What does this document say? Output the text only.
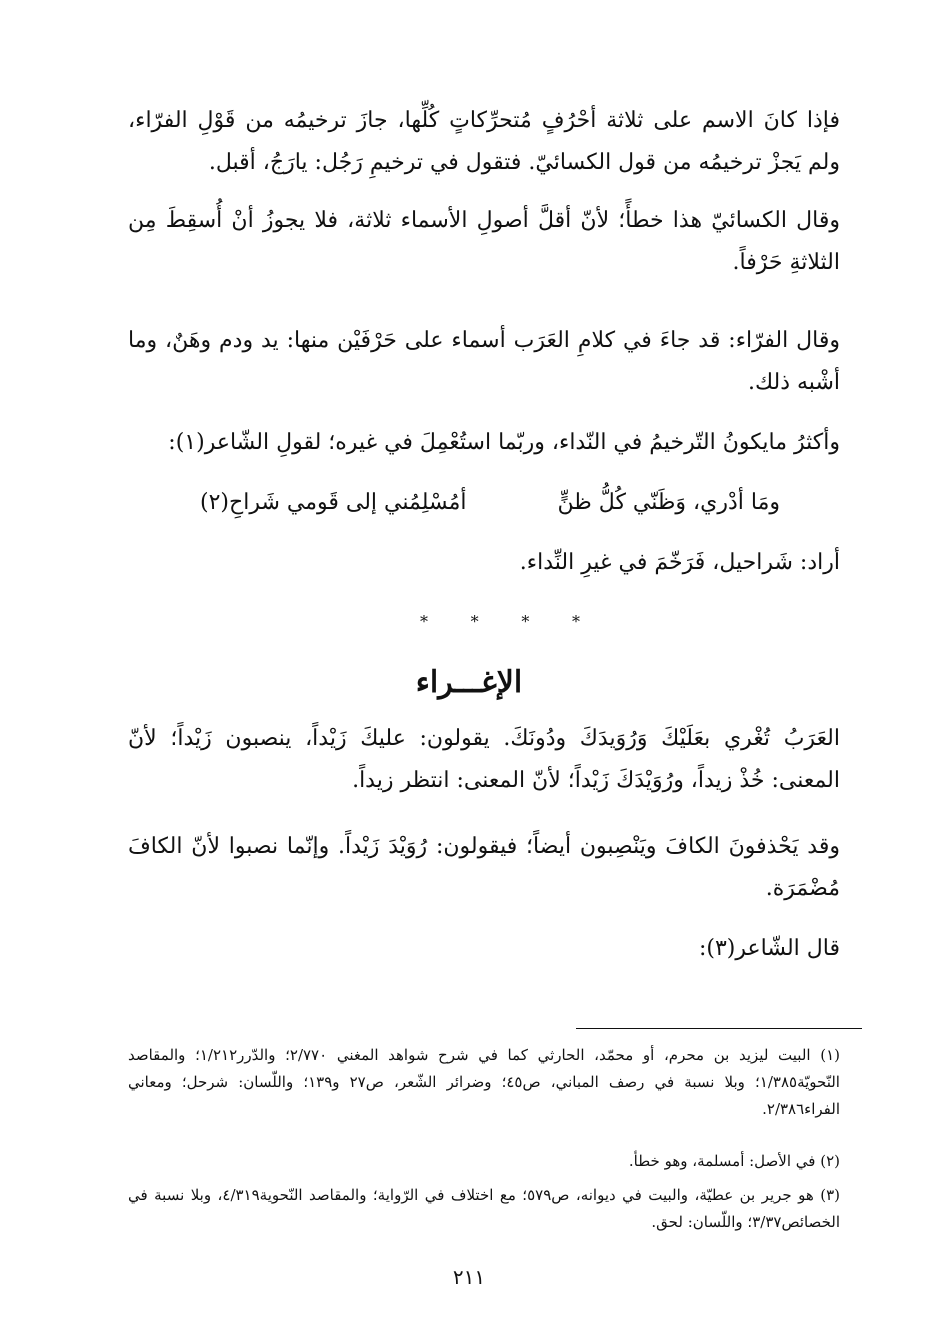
فإذا كانَ الاسم على ثلاثة أحْرُفٍ مُتحرِّكاتٍ كُلِّها، جازَ ترخيمُه من قَوْلِ الفرّاء، ولم يَجزْ ترخيمُه من قول الكسائيّ. فتقول في ترخيمِ رَجُل: يارَجُ، أقبل.

وقال الكسائيّ هذا خطأً؛ لأنّ أقلَّ أصولِ الأسماء ثلاثة، فلا يجوزُ أنْ أُسقِطَ مِن الثلاثةِ حَرْفاً.

وقال الفرّاء: قد جاءَ في كلامِ العَرَب أسماء على حَرْفَيْن منها: يد ودم وهَنٌ، وما أشْبه ذلك.

وأكثرُ مايكونُ التّرخيمُ في النّداء، وربّما استُعْمِلَ في غيره؛ لقولِ الشّاعر(١):

ومَا أدْري، وَظَنّي كُلُّ ظنٍّ
أمُسْلِمُني إلى قَومي شَراحِ(٢)

أراد: شَراحيل، فَرَخّمَ في غيرِ النِّداء.

*	*	*	*
الإغـــراء

العَرَبُ تُغْري بعَلَيْكَ وَرُوَيدَكَ ودُونَكَ. يقولون: عليكَ زَيْداً، ينصبون زَيْداً؛ لأنّ المعنى: خُذْ زيداً، ورُوَيْدَكَ زَيْداً؛ لأنّ المعنى: انتظر زيداً.

وقد يَحْذفونَ الكافَ ويَنْصِبون أيضاً؛ فيقولون: رُوَيْدَ زَيْداً. وإنّما نصبوا لأنّ الكافَ مُضْمَرَة.

قال الشّاعر(٣):

(١) البيت ليزيد بن محرم، أو محمّد، الحارثي كما في شرح شواهد المغني ٢/٧٧٠؛ والدّرر١/٢١٢؛ والمقاصد النّحويّة١/٣٨٥؛ وبلا نسبة في رصف المباني، ص٤٥؛ وضرائر الشّعر، ص٢٧ و١٣٩؛ واللّسان: شرحل؛ ومعاني الفراء٢/٣٨٦.

(٢) في الأصل: أمسلمة، وهو خطأ.

(٣) هو جرير بن عطيّة، والبيت في ديوانه، ص٥٧٩؛ مع اختلاف في الرّواية؛ والمقاصد النّحوية٤/٣١٩، وبلا نسبة في الخصائص٣/٣٧؛ واللّسان: لحق.

٢١١
